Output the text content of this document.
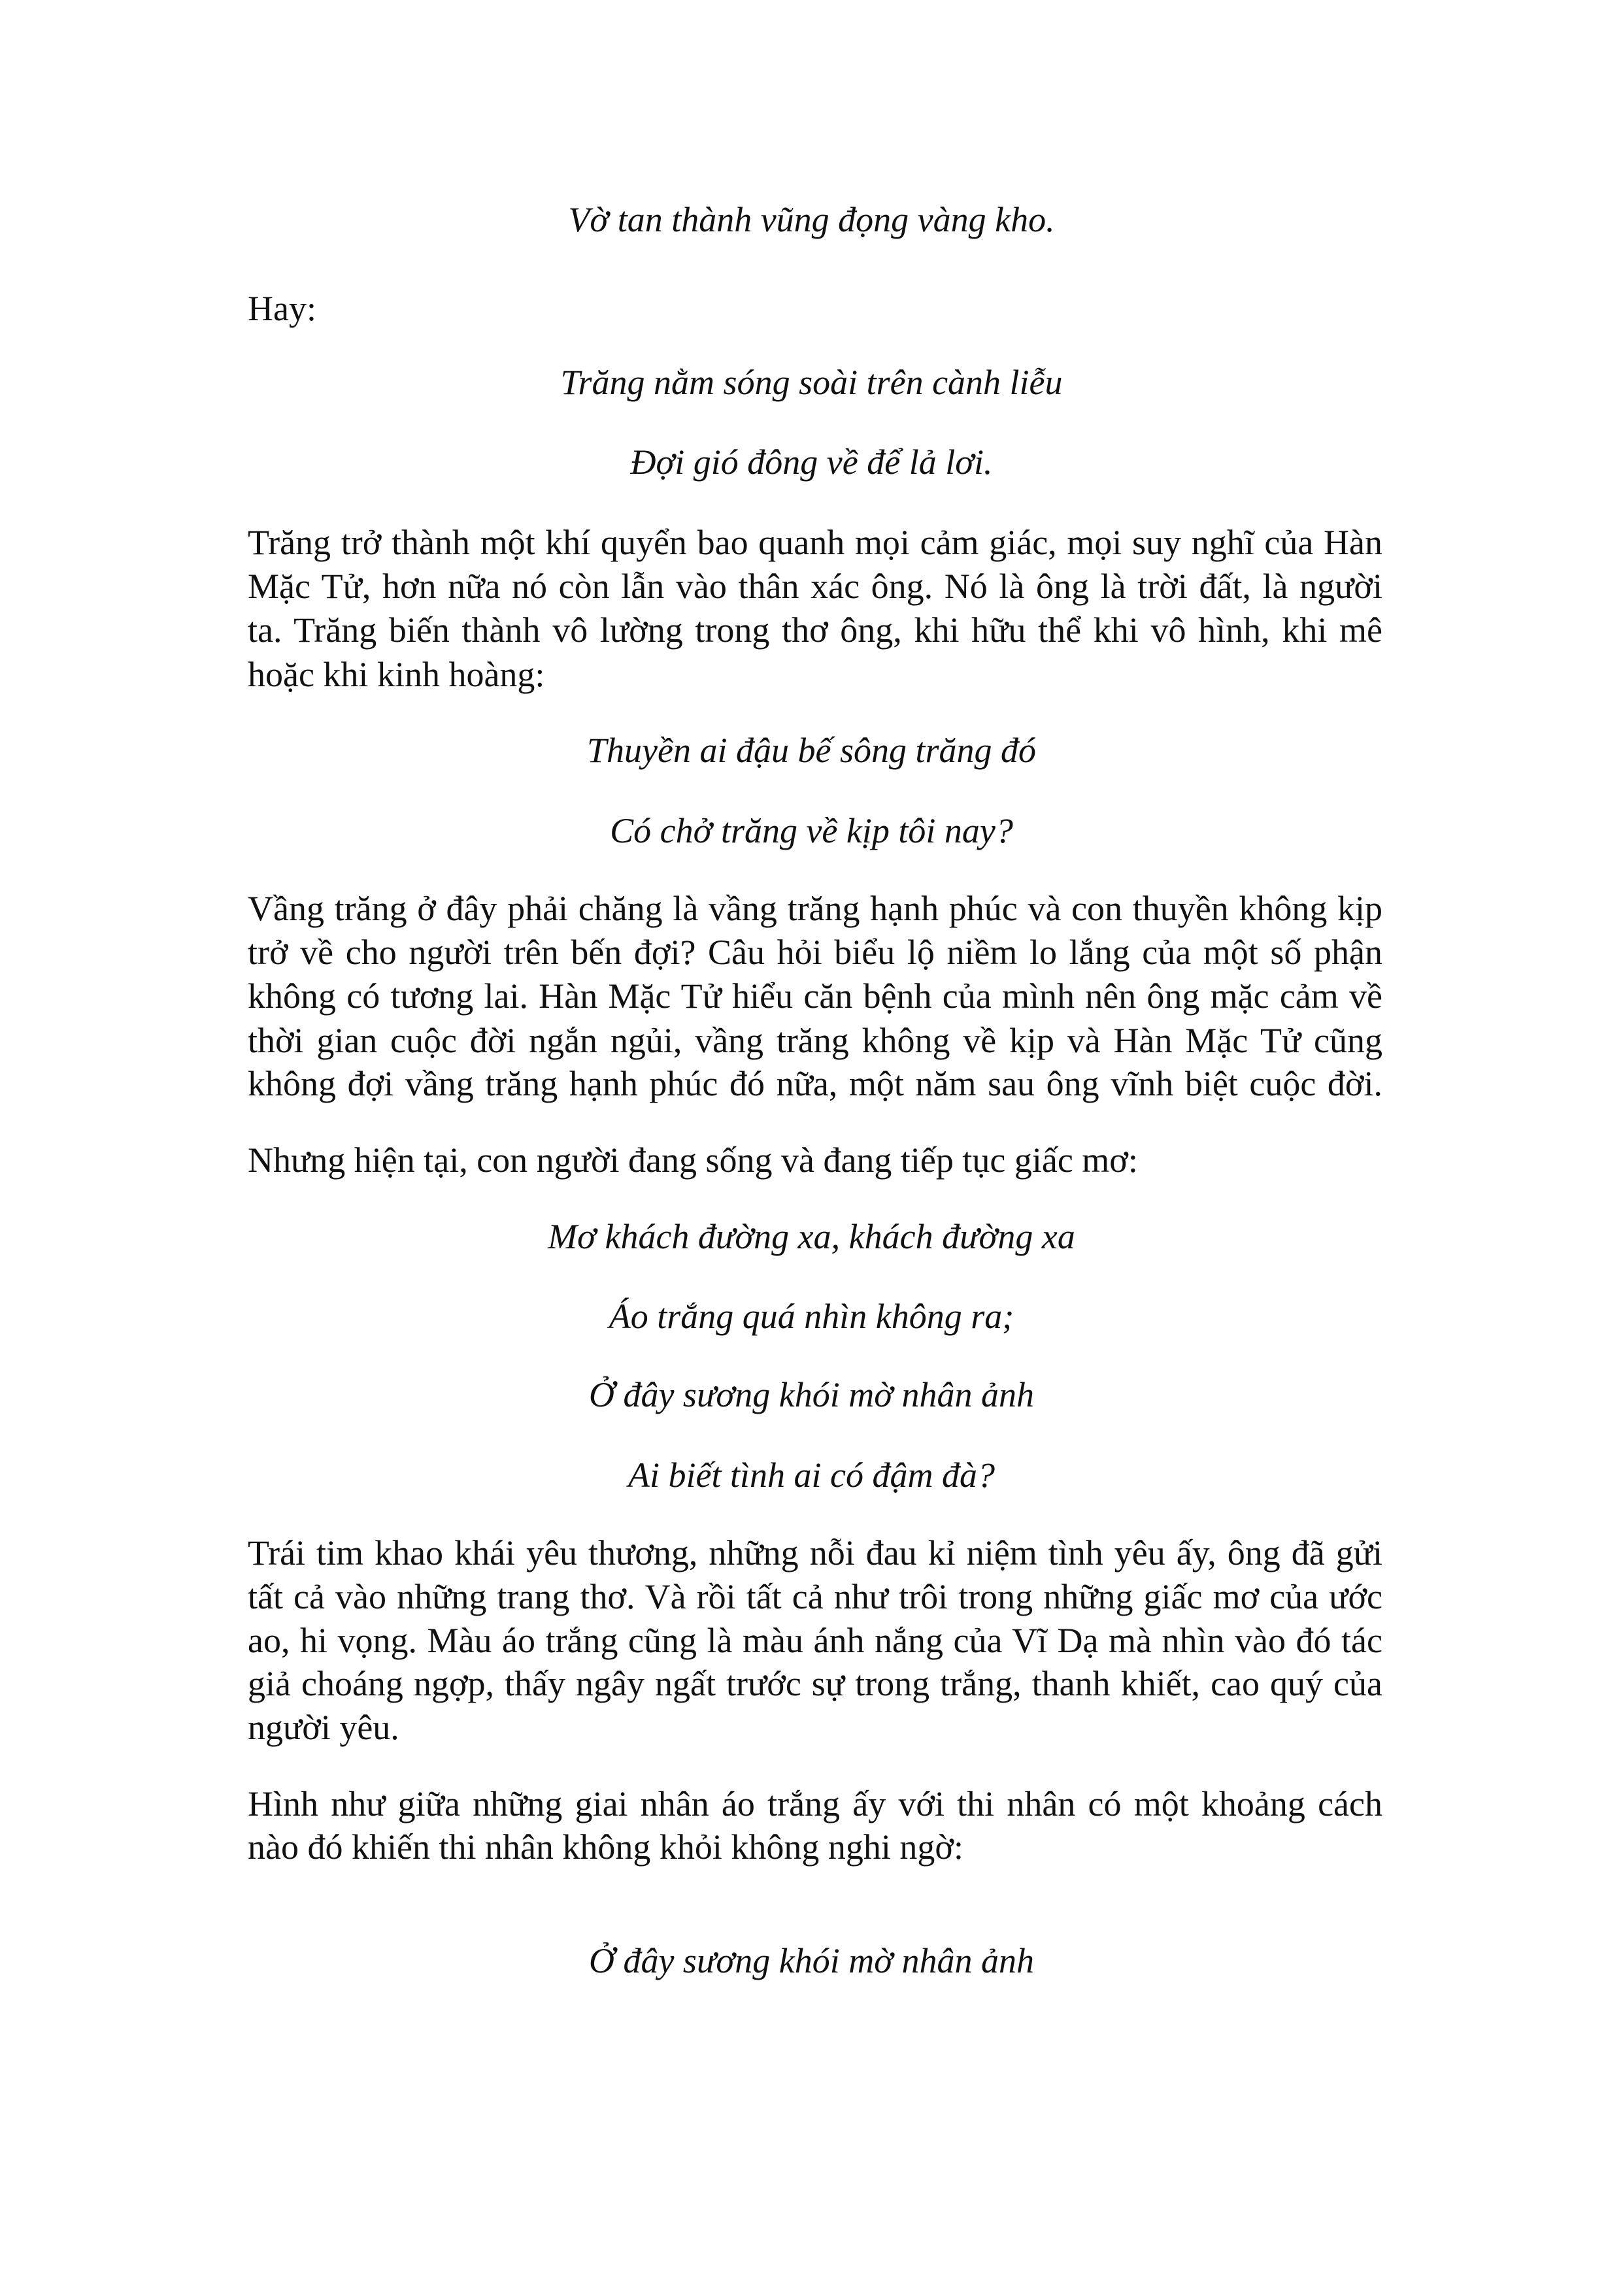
Vờ tan thành vũng đọng vàng kho.
Hay:
Trăng nằm sóng soài trên cành liễu
Đợi gió đông về để lả lơi.
Trăng trở thành một khí quyển bao quanh mọi cảm giác, mọi suy nghĩ của Hàn
Mặc Tử, hơn nữa nó còn lẫn vào thân xác ông. Nó là ông là trời đất, là người
ta. Trăng biến thành vô lường trong thơ ông, khi hữu thể khi vô hình, khi mê
hoặc khi kinh hoàng:
Thuyền ai đậu bế sông trăng đó
Có chở trăng về kịp tôi nay?
Vầng trăng ở đây phải chăng là vầng trăng hạnh phúc và con thuyền không kịp
trở về cho người trên bến đợi? Câu hỏi biểu lộ niềm lo lắng của một số phận
không có tương lai. Hàn Mặc Tử hiểu căn bệnh của mình nên ông mặc cảm về
thời gian cuộc đời ngắn ngủi, vầng trăng không về kịp và Hàn Mặc Tử cũng
không đợi vầng trăng hạnh phúc đó nữa, một năm sau ông vĩnh biệt cuộc đời.
Nhưng hiện tại, con người đang sống và đang tiếp tục giấc mơ:
Mơ khách đường xa, khách đường xa
Áo trắng quá nhìn không ra;
Ở đây sương khói mờ nhân ảnh
Ai biết tình ai có đậm đà?
Trái tim khao khái yêu thương, những nỗi đau kỉ niệm tình yêu ấy, ông đã gửi
tất cả vào những trang thơ. Và rồi tất cả như trôi trong những giấc mơ của ước
ao, hi vọng. Màu áo trắng cũng là màu ánh nắng của Vĩ Dạ mà nhìn vào đó tác
giả choáng ngợp, thấy ngây ngất trước sự trong trắng, thanh khiết, cao quý của
người yêu.
Hình như giữa những giai nhân áo trắng ấy với thi nhân có một khoảng cách
nào đó khiến thi nhân không khỏi không nghi ngờ:
Ở đây sương khói mờ nhân ảnh
